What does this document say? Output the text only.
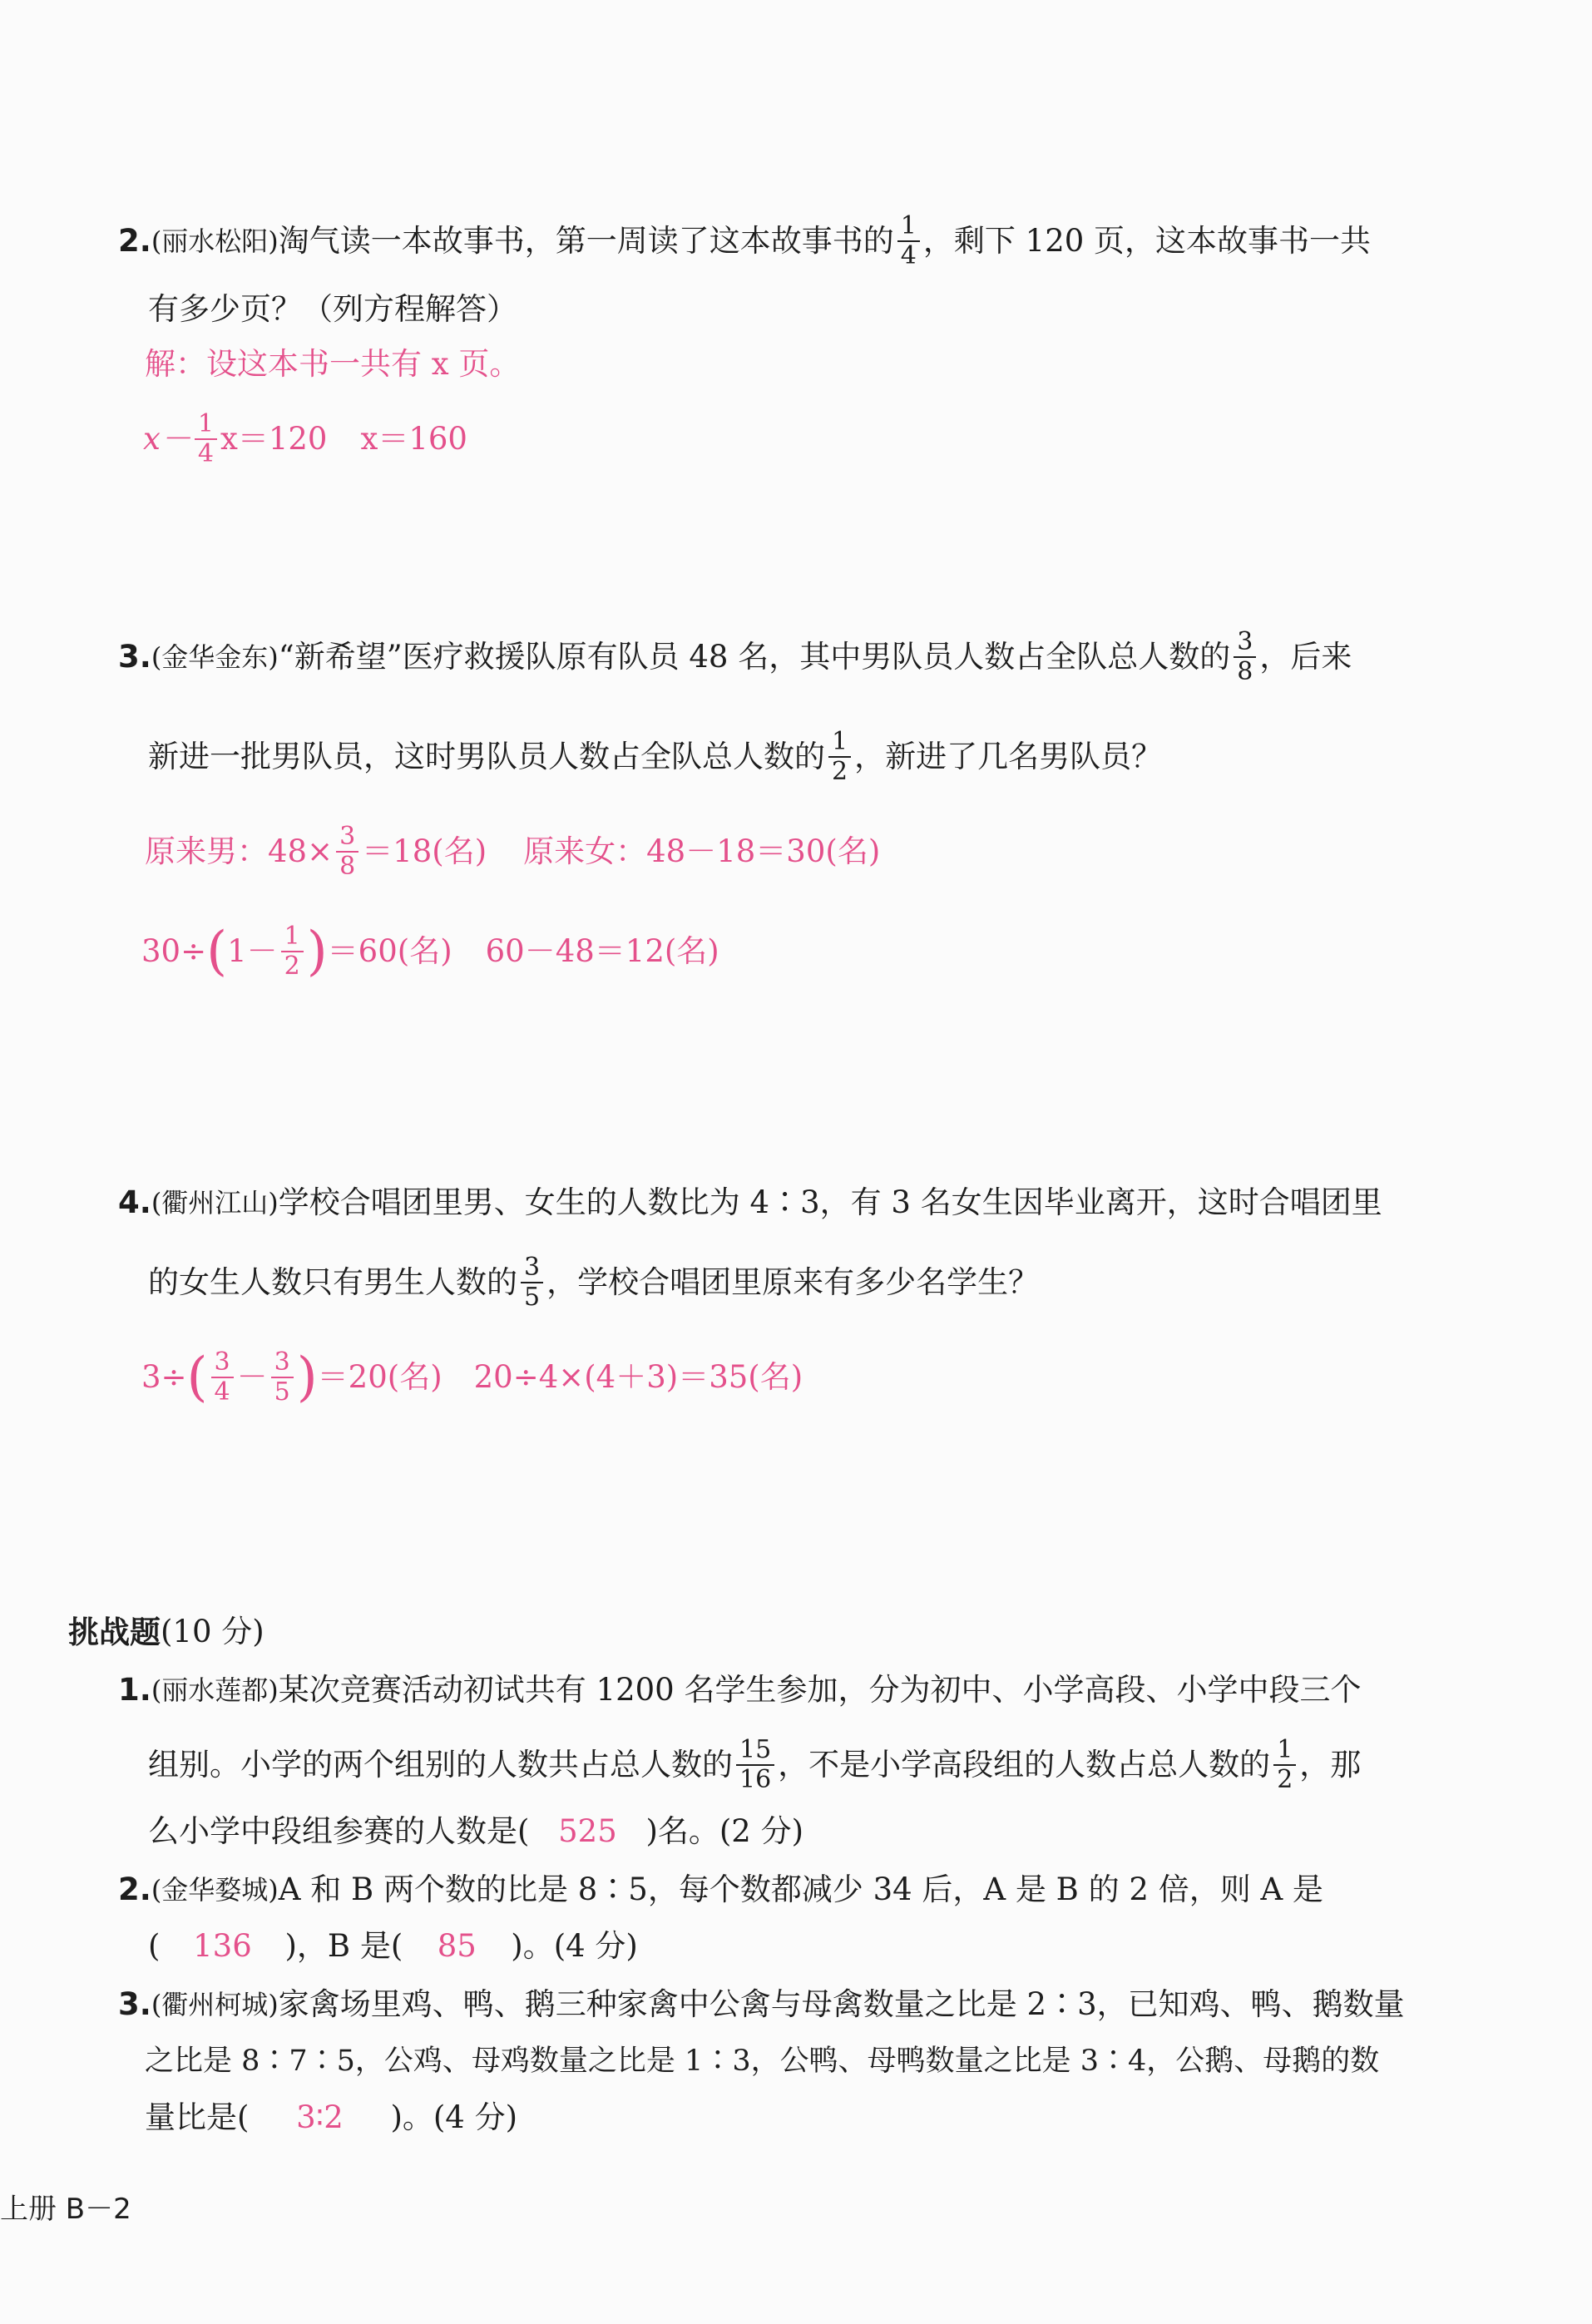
2. (丽水松阳) 淘气读一本故事书，第一周读了这本故事书的 $\frac{1}{4}$ ，剩下 120 页，这本故事书一共
有多少页？（列方程解答）
解：设这本书一共有 x 页。
$x- \frac{1}{4} x=120$ x＝160
3. (金华金东) “新希望”医疗救援队原有队员 48 名，其中男队员人数占全队总人数的 $\frac{3}{8}$ ，后来
新进一批男队员，这时男队员人数占全队总人数的 $\frac{1}{2}$ ，新进了几名男队员？
原来男：$48\times \frac{3}{8} =18$(名) 原来女：48－18＝30(名)
30÷ ( $1- \frac{1}{2}$ ) ＝60(名) 60－48＝12(名)
4. (衢州江山) 学校合唱团里男、女生的人数比为 4∶3，有 3 名女生因毕业离开，这时合唱团里
的女生人数只有男生人数的 $\frac{3}{5}$ ，学校合唱团里原来有多少名学生？
3÷ ( $\frac{3}{4} - \frac{3}{5}$ ) ＝20(名) 20÷4×(4＋3)＝35(名)
挑战题 (10 分)
1. (丽水莲都) 某次竞赛活动初试共有 1200 名学生参加，分为初中、小学高段、小学中段三个
组别。小学的两个组别的人数共占总人数的 $\frac{15}{16}$ ，不是小学高段组的人数占总人数的 $\frac{1}{2}$ ，那
么小学中段组参赛的人数是( 525 )名。(2 分)
2. (金华婺城) A 和 B 两个数的比是 8∶5，每个数都减少 34 后，A 是 B 的 2 倍，则 A 是
(	136	)，B 是(	85	)。(4 分)
3. (衢州柯城) 家禽场里鸡、鸭、鹅三种家禽中公禽与母禽数量之比是 2∶3，已知鸡、鸭、鹅数量
之比是 8∶7∶5，公鸡、母鸡数量之比是 1∶3，公鸭、母鸭数量之比是 3∶4，公鹅、母鹅的数
量比是(	3∶2	)。(4 分)
上册 B－2
